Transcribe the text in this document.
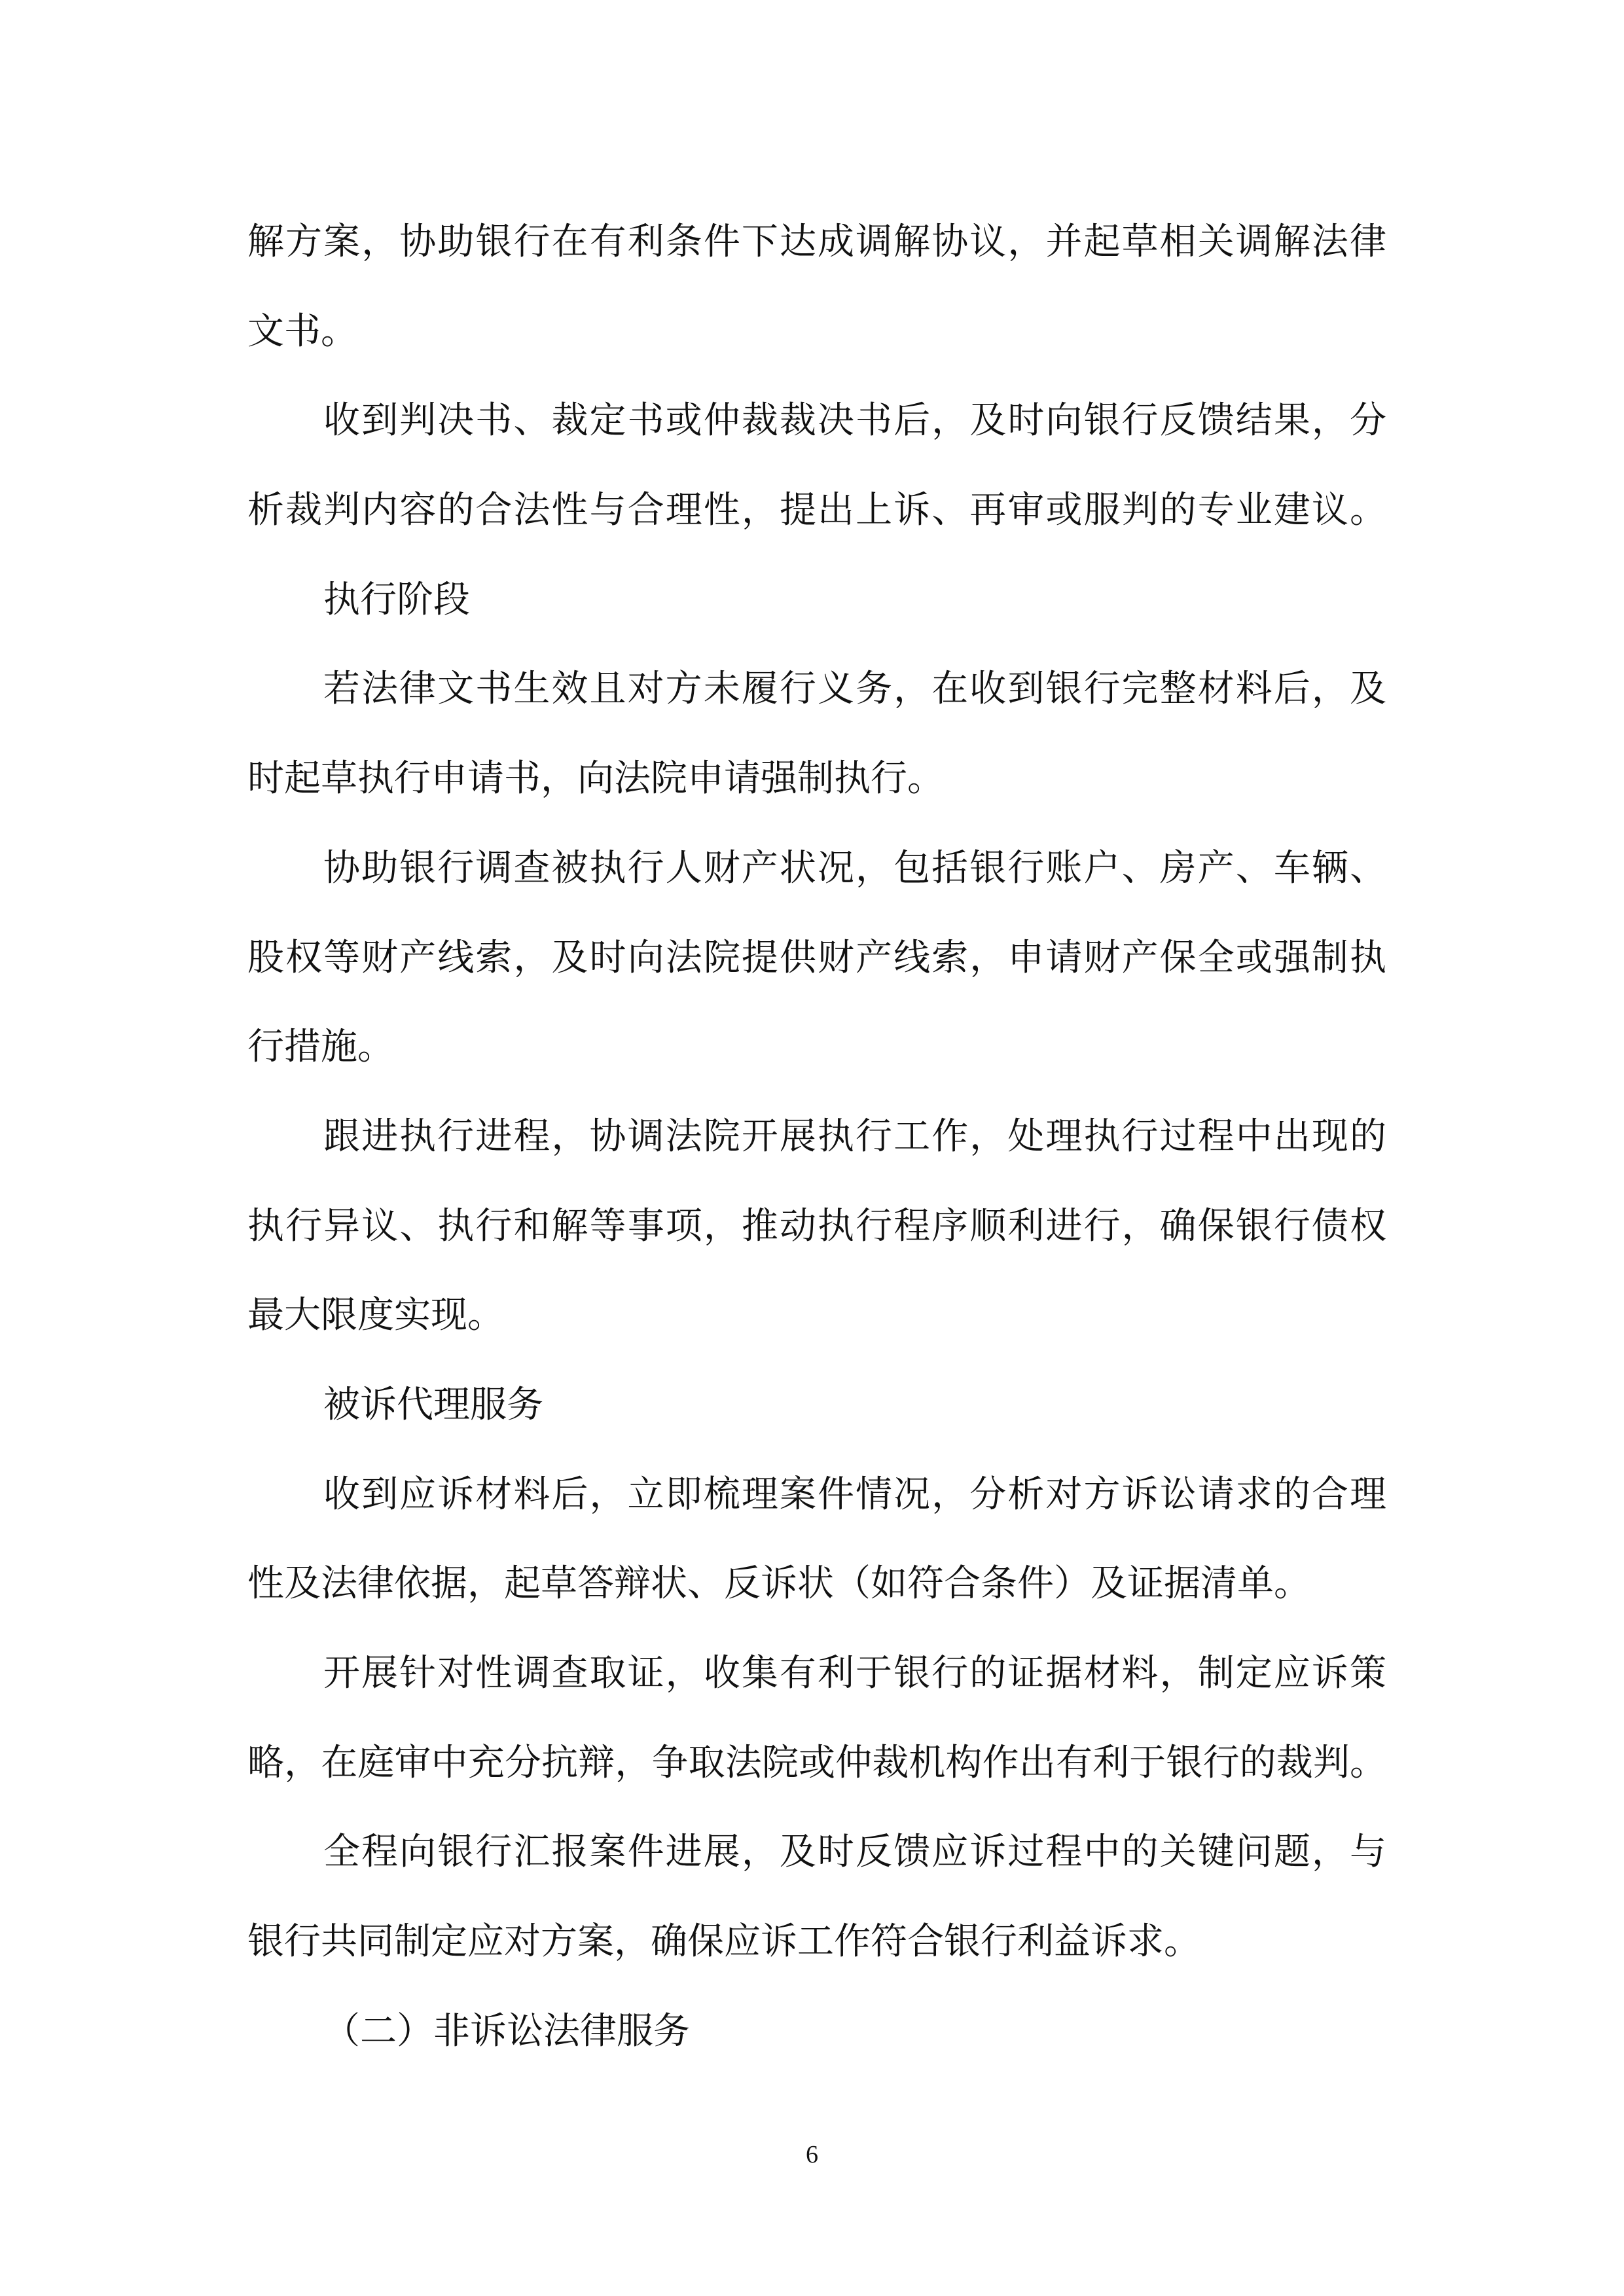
解方案，协助银行在有利条件下达成调解协议，并起草相关调解法律
文书。
收到判决书、裁定书或仲裁裁决书后，及时向银行反馈结果，分
析裁判内容的合法性与合理性，提出上诉、再审或服判的专业建议。
执行阶段
若法律文书生效且对方未履行义务，在收到银行完整材料后，及
时起草执行申请书，向法院申请强制执行。
协助银行调查被执行人财产状况，包括银行账户、房产、车辆、
股权等财产线索，及时向法院提供财产线索，申请财产保全或强制执
行措施。
跟进执行进程，协调法院开展执行工作，处理执行过程中出现的
执行异议、执行和解等事项，推动执行程序顺利进行，确保银行债权
最大限度实现。
被诉代理服务
收到应诉材料后，立即梳理案件情况，分析对方诉讼请求的合理
性及法律依据，起草答辩状、反诉状（如符合条件）及证据清单。
开展针对性调查取证，收集有利于银行的证据材料，制定应诉策
略，在庭审中充分抗辩，争取法院或仲裁机构作出有利于银行的裁判。
全程向银行汇报案件进展，及时反馈应诉过程中的关键问题，与
银行共同制定应对方案，确保应诉工作符合银行利益诉求。
（二）非诉讼法律服务
6
